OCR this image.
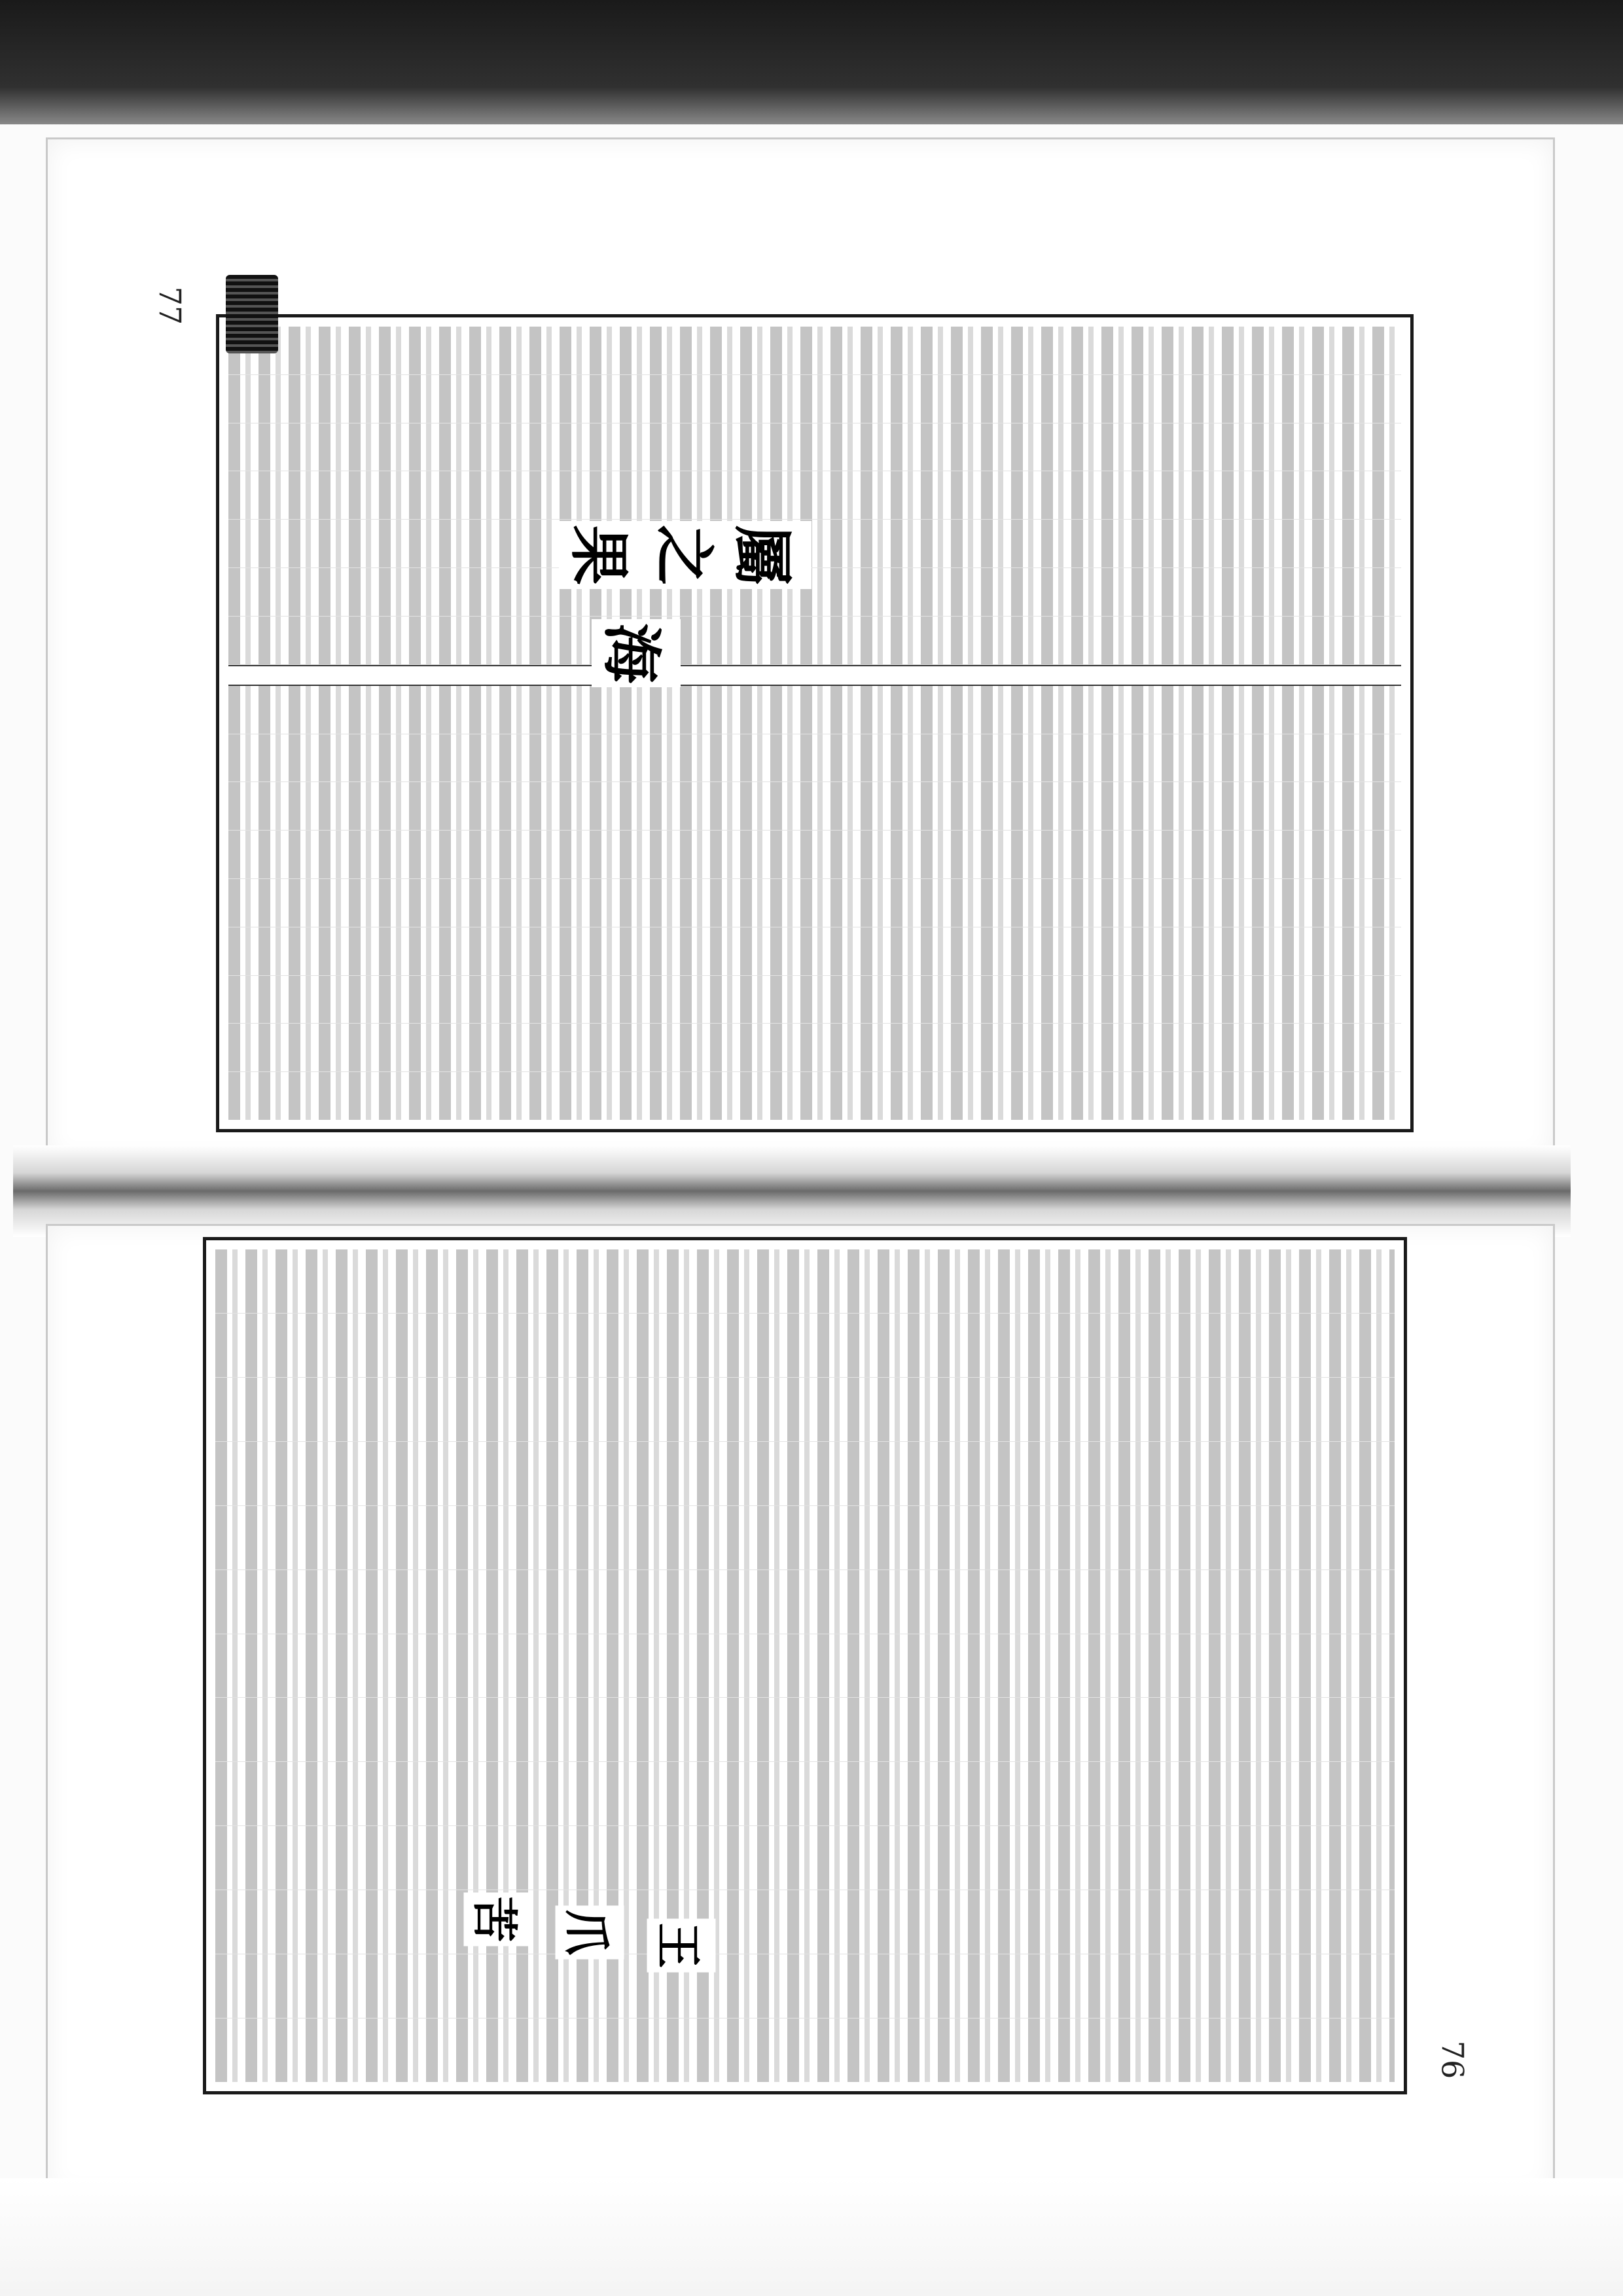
77
果 之 屬
海
76
王
爪
苦
